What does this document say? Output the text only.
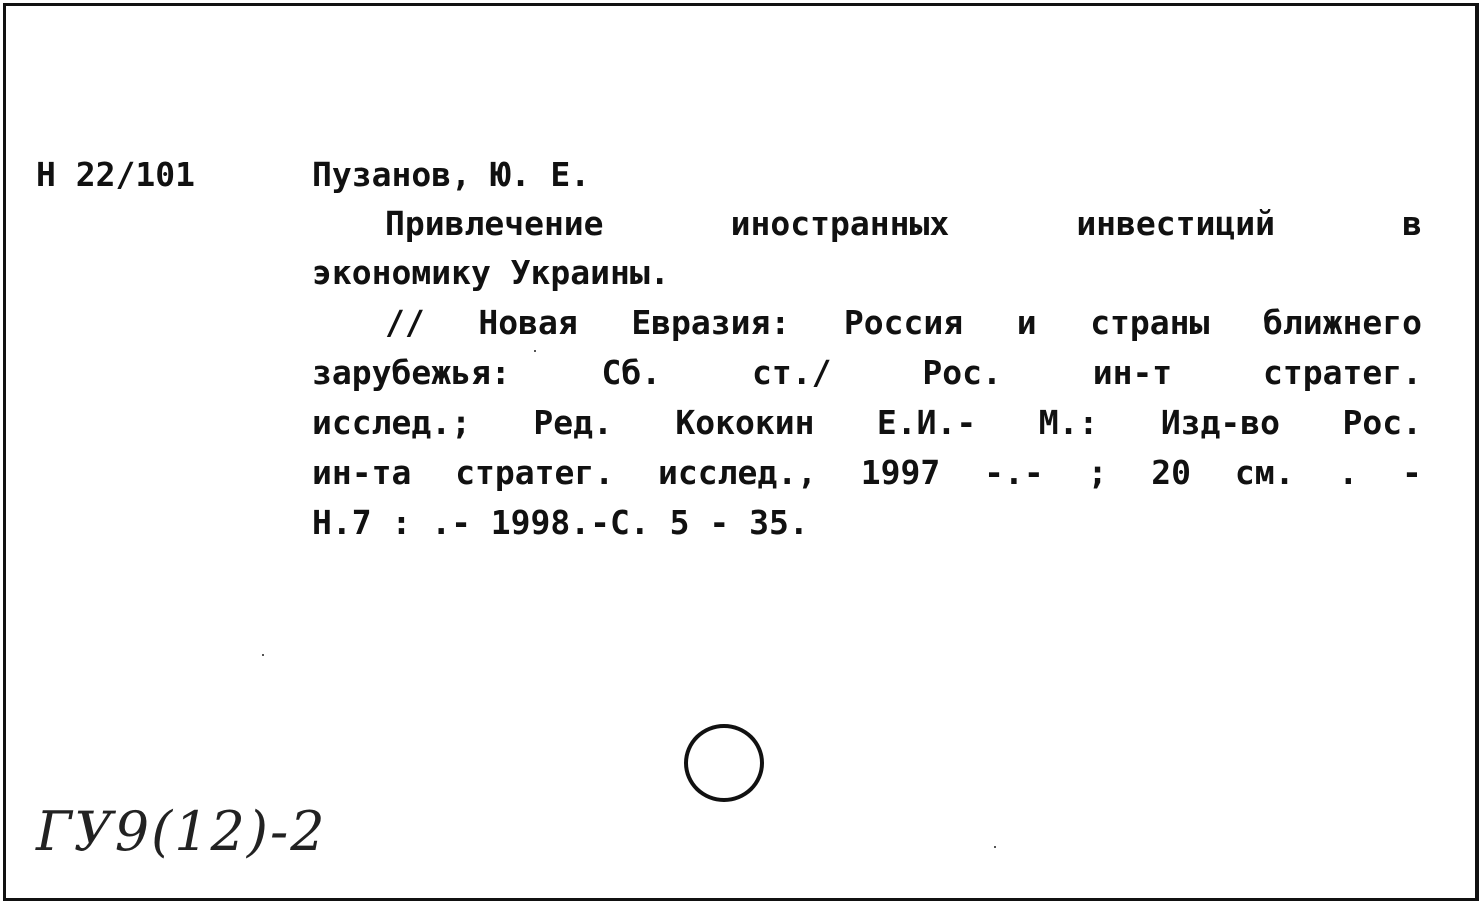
Н 22/101	Пузанов, Ю. Е.
Привлечение	иностранных	инвестиций	в
экономику Украины.
// Новая Евразия: Россия и страны ближнего
зарубежья:	Сб.	ст./	Рос.	ин-т	стратег.
исслед.; Ред. Кококин Е.И.- М.: Изд-во Рос.
ин-та стратег. исслед., 1997 -.- ; 20 см. . -
Н.7 : .- 1998.-С. 5 - 35.
ГУ9(12)-2
